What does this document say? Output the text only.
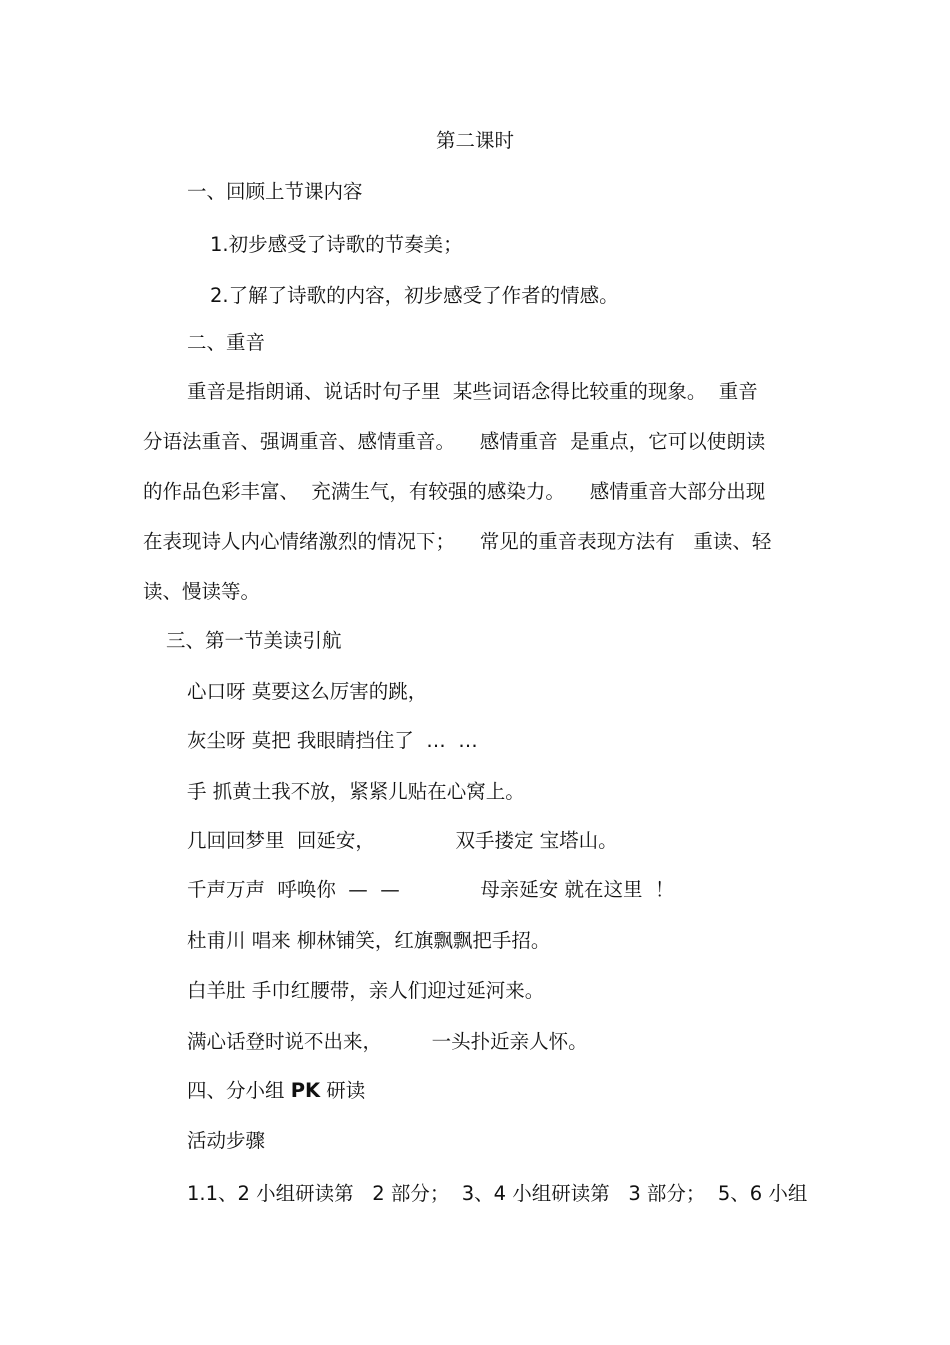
第二课时
一、回顾上节课内容
1.初步感受了诗歌的节奏美；
2.了解了诗歌的内容，初步感受了作者的情感。
二、重音
重音是指朗诵、说话时句子里  某些词语念得比较重的现象。  重音
分语法重音、强调重音、感情重音。    感情重音  是重点，它可以使朗读
的作品色彩丰富、  充满生气，有较强的感染力。    感情重音大部分出现
在表现诗人内心情绪激烈的情况下；    常见的重音表现方法有   重读、轻
读、慢读等。
三、第一节美读引航
心口呀 莫要这么厉害的跳，
灰尘呀 莫把 我眼睛挡住了  …  …
手 抓黄土我不放，紧紧儿贴在心窝上。
几回回梦里  回延安，             双手搂定 宝塔山。
千声万声  呼唤你  —  —             母亲延安 就在这里  ！
杜甫川 唱来 柳林铺笑，红旗飘飘把手招。
白羊肚 手巾红腰带，亲人们迎过延河来。
满心话登时说不出来，        一头扑近亲人怀。
四、分小组 PK 研读
活动步骤
1.1、2 小组研读第   2 部分；  3、4 小组研读第   3 部分；  5、6 小组
